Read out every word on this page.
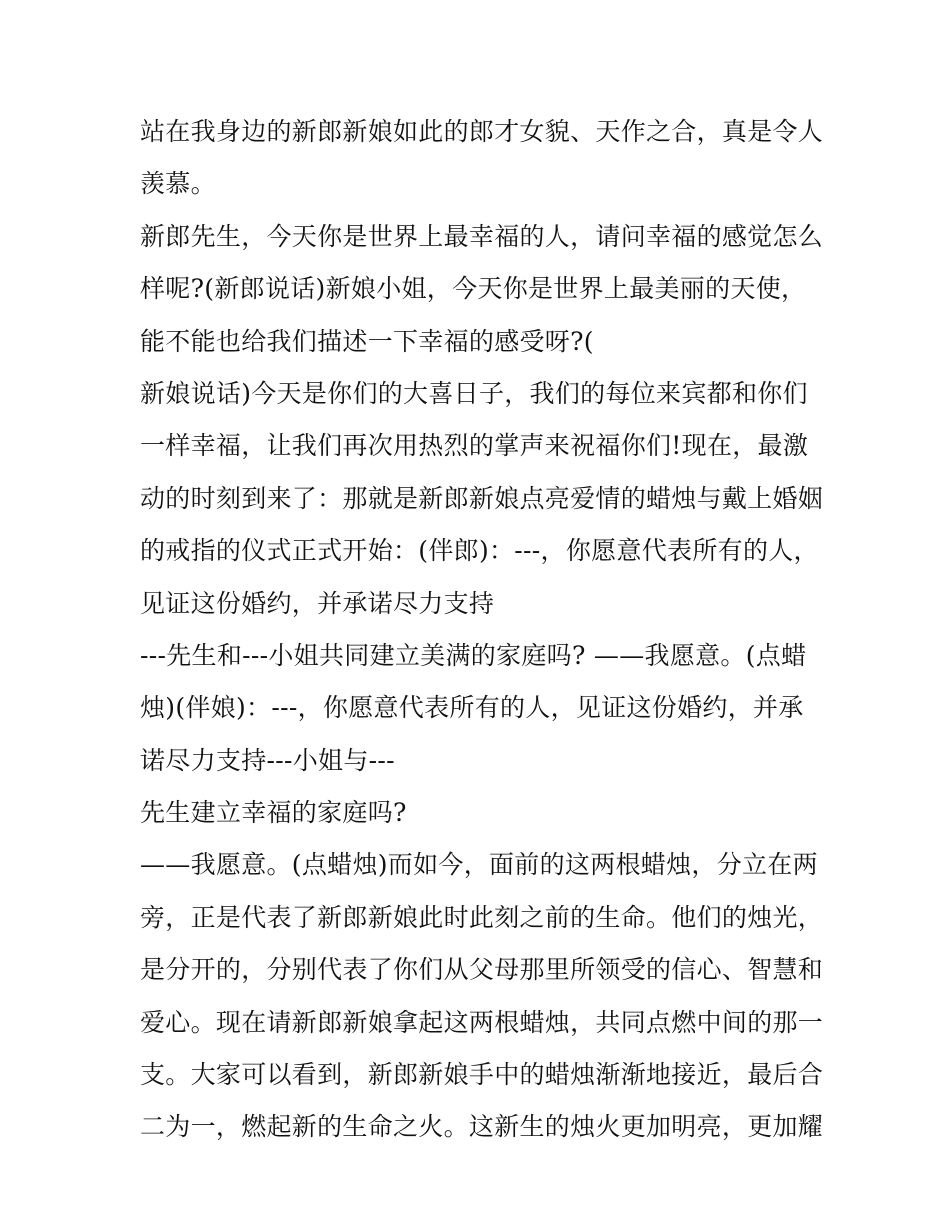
站在我身边的新郎新娘如此的郎才女貌、天作之合，真是令人
羡慕。
新郎先生，今天你是世界上最幸福的人，请问幸福的感觉怎么
样呢?(新郎说话)新娘小姐，今天你是世界上最美丽的天使，
能不能也给我们描述一下幸福的感受呀?(
新娘说话)今天是你们的大喜日子，我们的每位来宾都和你们
一样幸福，让我们再次用热烈的掌声来祝福你们!现在，最激
动的时刻到来了：那就是新郎新娘点亮爱情的蜡烛与戴上婚姻
的戒指的仪式正式开始：(伴郎)：---，你愿意代表所有的人，
见证这份婚约，并承诺尽力支持
---先生和---小姐共同建立美满的家庭吗? ——我愿意。(点蜡
烛)(伴娘)：---，你愿意代表所有的人，见证这份婚约，并承
诺尽力支持---小姐与---
先生建立幸福的家庭吗?
——我愿意。(点蜡烛)而如今，面前的这两根蜡烛，分立在两
旁，正是代表了新郎新娘此时此刻之前的生命。他们的烛光，
是分开的，分别代表了你们从父母那里所领受的信心、智慧和
爱心。现在请新郎新娘拿起这两根蜡烛，共同点燃中间的那一
支。大家可以看到，新郎新娘手中的蜡烛渐渐地接近，最后合
二为一，燃起新的生命之火。这新生的烛火更加明亮，更加耀
